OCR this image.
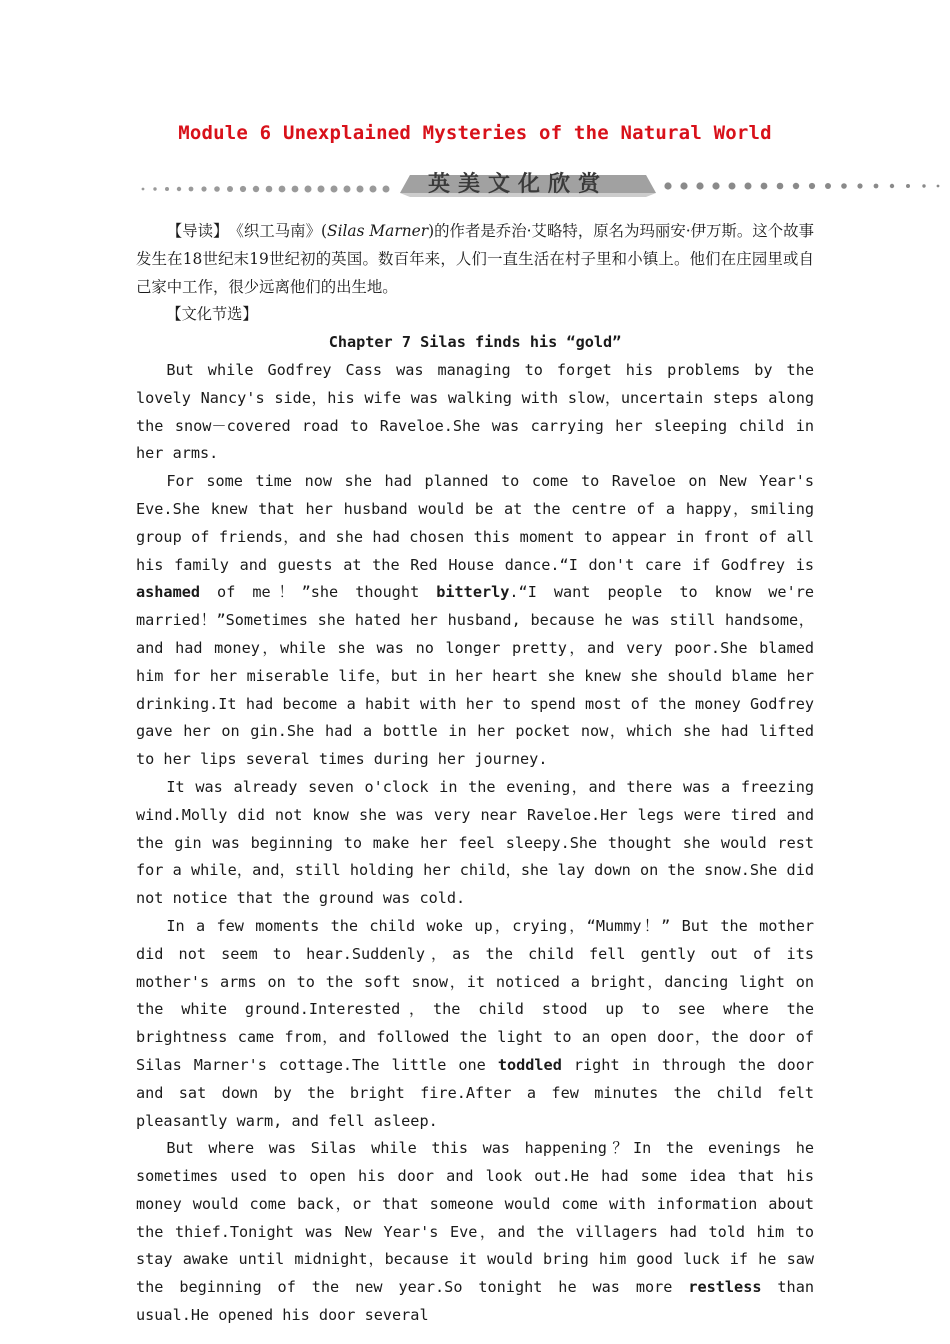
Module 6 Unexplained Mysteries of the Natural World
英美文化欣赏

【导读】　 《织工马南》(Silas Marner)的作者是乔治·艾略特，原名为玛丽安·伊万斯。这个故事发生在18世纪末19世纪初的英国。数百年来，人们一直生活在村子里和小镇上。他们在庄园里或自己家中工作，很少远离他们的出生地。

【文化节选】

Chapter 7 Silas finds his “gold”

But while Godfrey Cass was managing to forget his problems by the lovely Nancy's side，his wife was walking with slow，uncertain steps along the snow－covered road to Raveloe.She was carrying her sleeping child in her arms.

For some time now she had planned to come to Raveloe on New Year's Eve.She knew that her husband would be at the centre of a happy，smiling group of friends，and she had chosen this moment to appear in front of all his family and guests at the Red House dance.“I don't care if Godfrey is ashamed of me！”she thought bitterly.“I want people to know we're married！”Sometimes she hated her husband, because he was still handsome，and had money，while she was no longer pretty，and very poor.She blamed him for her miserable life，but in her heart she knew she should blame her drinking.It had become a habit with her to spend most of the money Godfrey gave her on gin.She had a bottle in her pocket now，which she had lifted to her lips several times during her journey.

It was already seven o'clock in the evening，and there was a freezing wind.Molly did not know she was very near Raveloe.Her legs were tired and the gin was beginning to make her feel sleepy.She thought she would rest for a while，and，still holding her child，she lay down on the snow.She did not notice that the ground was cold.

In a few moments the child woke up，crying，“Mummy！” But the mother did not seem to hear.Suddenly，as the child fell gently out of its mother's arms on to the soft snow，it noticed a bright，dancing light on the white ground.Interested，the child stood up to see where the brightness came from，and followed the light to an open door，the door of Silas Marner's cottage.The little one toddled right in through the door and sat down by the bright fire.After a few minutes the child felt pleasantly warm, and fell asleep.

But where was Silas while this was happening？In the evenings he sometimes used to open his door and look out.He had some idea that his money would come back，or that someone would come with information about the thief.Tonight was New Year's Eve，and the villagers had told him to stay awake until midnight，because it would bring him good luck if he saw the beginning of the new year.So tonight he was more restless than usual.He opened his door several
